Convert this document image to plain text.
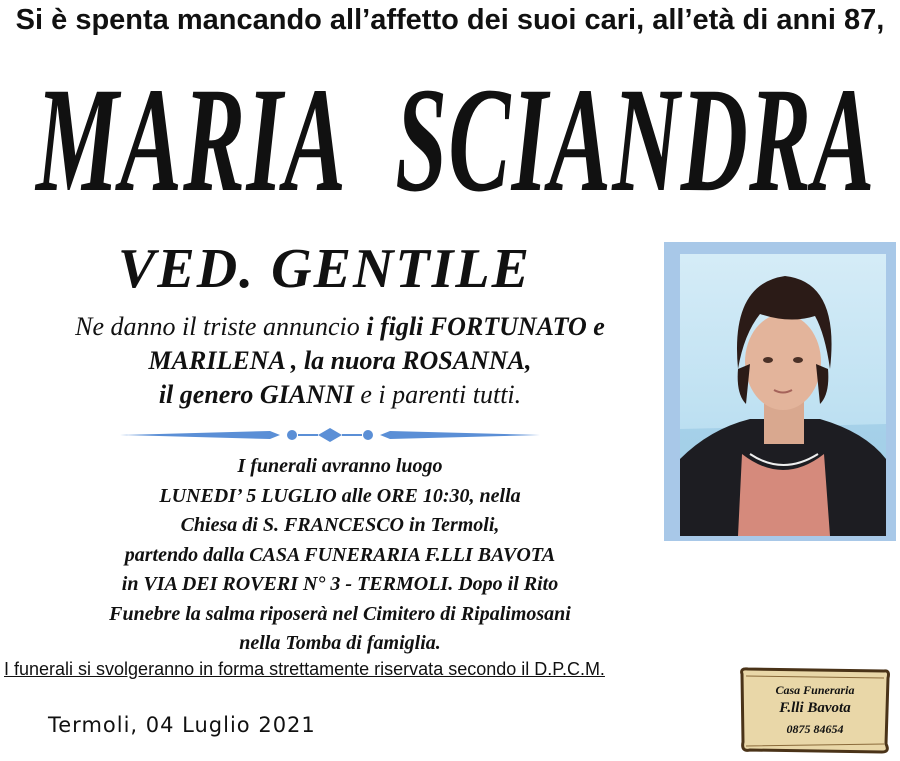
Si è spenta mancando all’affetto dei suoi cari, all’età di anni 87,
MARIA SCIANDRA
VED. GENTILE
Ne danno il triste annuncio i figli FORTUNATO e
MARILENA , la nuora ROSANNA,
il genero GIANNI e i parenti tutti.
I funerali avranno luogo
LUNEDI’ 5 LUGLIO alle ORE 10:30, nella
Chiesa di S. FRANCESCO in Termoli,
partendo dalla CASA FUNERARIA F.LLI BAVOTA
in VIA DEI ROVERI N° 3 - TERMOLI. Dopo il Rito
Funebre la salma riposerà nel Cimitero di Ripalimosani
nella Tomba di famiglia.
I funerali si svolgeranno in forma strettamente riservata secondo il D.P.C.M.
Termoli, 04 Luglio 2021
Casa Funeraria
F.lli Bavota
0875 84654
